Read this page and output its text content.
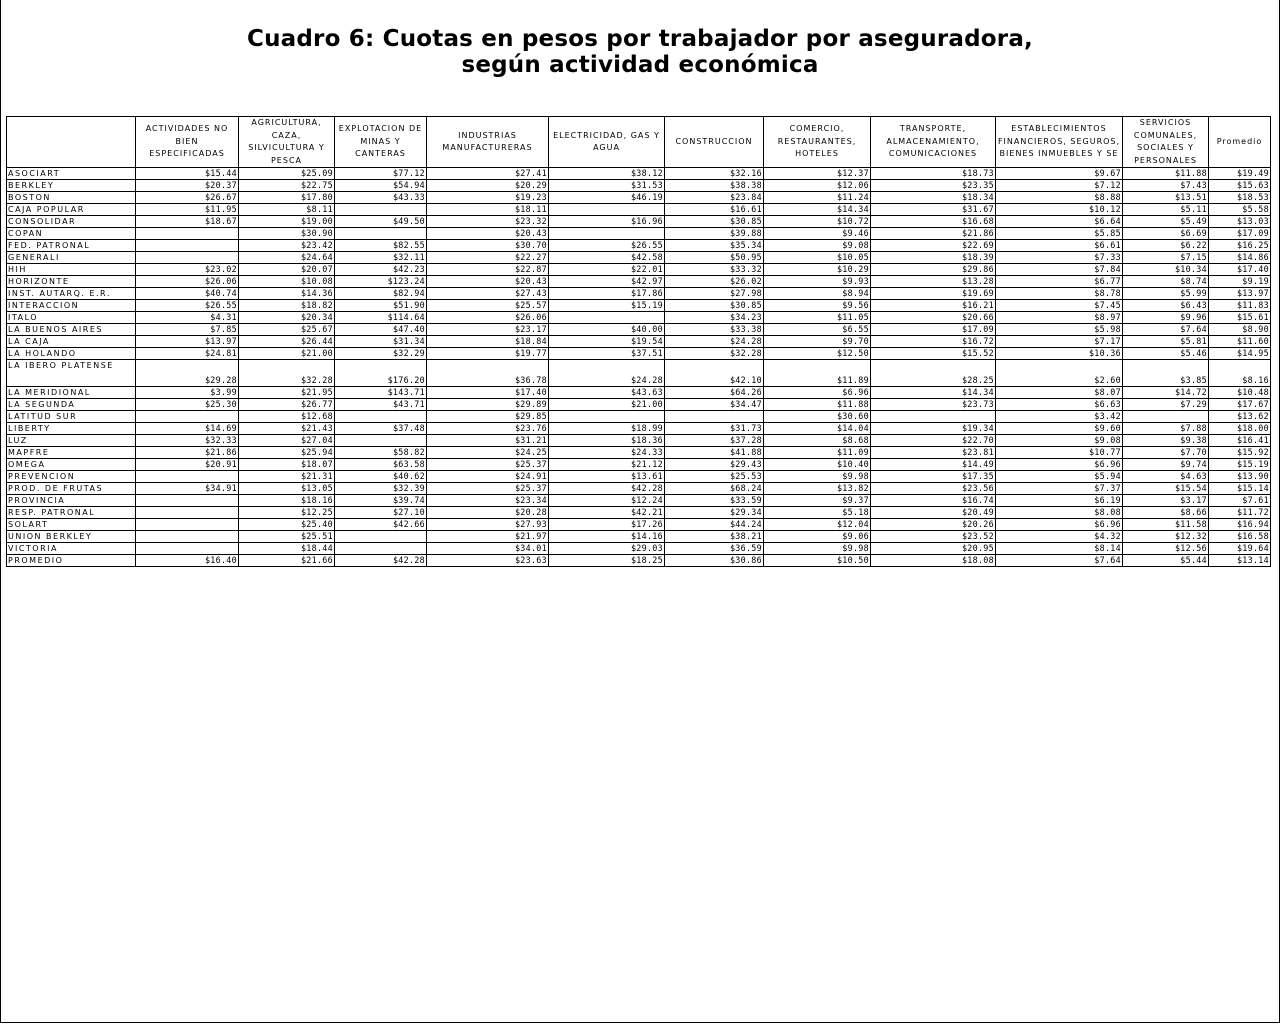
Cuadro 6: Cuotas en pesos por trabajador por aseguradora,
según actividad económica
	ACTIVIDADES NO BIEN ESPECIFICADAS	AGRICULTURA, CAZA, SILVICULTURA Y PESCA	EXPLOTACION DE MINAS Y CANTERAS	INDUSTRIAS MANUFACTURERAS	ELECTRICIDAD, GAS Y AGUA	CONSTRUCCION	COMERCIO, RESTAURANTES, HOTELES	TRANSPORTE, ALMACENAMIENTO, COMUNICACIONES	ESTABLECIMIENTOS FINANCIEROS, SEGUROS, BIENES INMUEBLES Y SE	SERVICIOS COMUNALES, SOCIALES Y PERSONALES	Promedio
ASOCIART	$15.44	$25.09	$77.12	$27.41	$38.12	$32.16	$12.37	$18.73	$9.67	$11.88	$19.49
BERKLEY	$20.37	$22.75	$54.94	$20.29	$31.53	$38.38	$12.06	$23.35	$7.12	$7.43	$15.63
BOSTON	$26.67	$17.80	$43.33	$19.23	$46.19	$23.84	$11.24	$18.34	$8.88	$13.51	$18.53
CAJA POPULAR	$11.95	$8.11		$18.11		$16.61	$14.34	$31.67	$10.12	$5.11	$5.58
CONSOLIDAR	$18.67	$19.00	$49.50	$23.32	$16.96	$30.85	$10.72	$16.68	$6.64	$5.49	$13.03
COPAN		$30.90		$20.43		$39.88	$9.46	$21.86	$5.85	$6.69	$17.09
FED. PATRONAL		$23.42	$82.55	$30.70	$26.55	$35.34	$9.08	$22.69	$6.61	$6.22	$16.25
GENERALI		$24.64	$32.11	$22.27	$42.58	$50.95	$10.05	$18.39	$7.33	$7.15	$14.86
HIH	$23.02	$20.07	$42.23	$22.87	$22.01	$33.32	$10.29	$29.86	$7.84	$10.34	$17.40
HORIZONTE	$26.06	$10.08	$123.24	$20.43	$42.97	$26.02	$9.93	$13.28	$6.77	$8.74	$9.19
INST. AUTARQ. E.R.	$40.74	$14.36	$82.94	$27.43	$17.86	$27.98	$8.94	$19.69	$8.78	$5.99	$13.97
INTERACCION	$26.55	$18.82	$51.90	$25.57	$15.19	$30.85	$9.56	$16.21	$7.45	$6.43	$11.83
ITALO	$4.31	$20.34	$114.64	$26.06		$34.23	$11.05	$20.66	$8.97	$9.96	$15.61
LA BUENOS AIRES	$7.85	$25.67	$47.40	$23.17	$40.00	$33.38	$6.55	$17.09	$5.98	$7.64	$8.90
LA CAJA	$13.97	$26.44	$31.34	$18.84	$19.54	$24.28	$9.70	$16.72	$7.17	$5.81	$11.60
LA HOLANDO	$24.81	$21.00	$32.29	$19.77	$37.51	$32.28	$12.50	$15.52	$10.36	$5.46	$14.95
LA IBERO PLATENSE	$29.28	$32.28	$176.20	$36.78	$24.28	$42.10	$11.89	$28.25	$2.60	$3.85	$8.16
LA MERIDIONAL	$3.99	$21.95	$143.71	$17.40	$43.63	$64.26	$6.96	$14.34	$8.07	$14.72	$10.48
LA SEGUNDA	$25.30	$26.77	$43.71	$29.89	$21.00	$34.47	$11.88	$23.73	$6.63	$7.29	$17.67
LATITUD SUR		$12.68		$29.85			$30.60		$3.42		$13.62
LIBERTY	$14.69	$21.43	$37.48	$23.76	$18.99	$31.73	$14.04	$19.34	$9.60	$7.88	$18.00
LUZ	$32.33	$27.04		$31.21	$18.36	$37.28	$8.68	$22.70	$9.08	$9.38	$16.41
MAPFRE	$21.86	$25.94	$58.82	$24.25	$24.33	$41.88	$11.09	$23.81	$10.77	$7.70	$15.92
OMEGA	$20.91	$18.07	$63.58	$25.37	$21.12	$29.43	$10.40	$14.49	$6.96	$9.74	$15.19
PREVENCION		$21.31	$40.62	$24.91	$13.61	$25.53	$9.98	$17.35	$5.94	$4.63	$13.90
PROD. DE FRUTAS	$34.91	$13.05	$32.39	$25.37	$42.28	$68.24	$13.82	$23.56	$7.37	$15.54	$15.14
PROVINCIA		$18.16	$39.74	$23.34	$12.24	$33.59	$9.37	$16.74	$6.19	$3.17	$7.61
RESP. PATRONAL		$12.25	$27.10	$20.28	$42.21	$29.34	$5.18	$20.49	$8.08	$8.66	$11.72
SOLART		$25.40	$42.66	$27.93	$17.26	$44.24	$12.04	$20.26	$6.96	$11.58	$16.94
UNION BERKLEY		$25.51		$21.97	$14.16	$38.21	$9.06	$23.52	$4.32	$12.32	$16.58
VICTORIA		$18.44		$34.01	$29.03	$36.59	$9.98	$20.95	$8.14	$12.56	$19.64
PROMEDIO	$16.40	$21.66	$42.28	$23.63	$18.25	$30.86	$10.50	$18.08	$7.64	$5.44	$13.14
